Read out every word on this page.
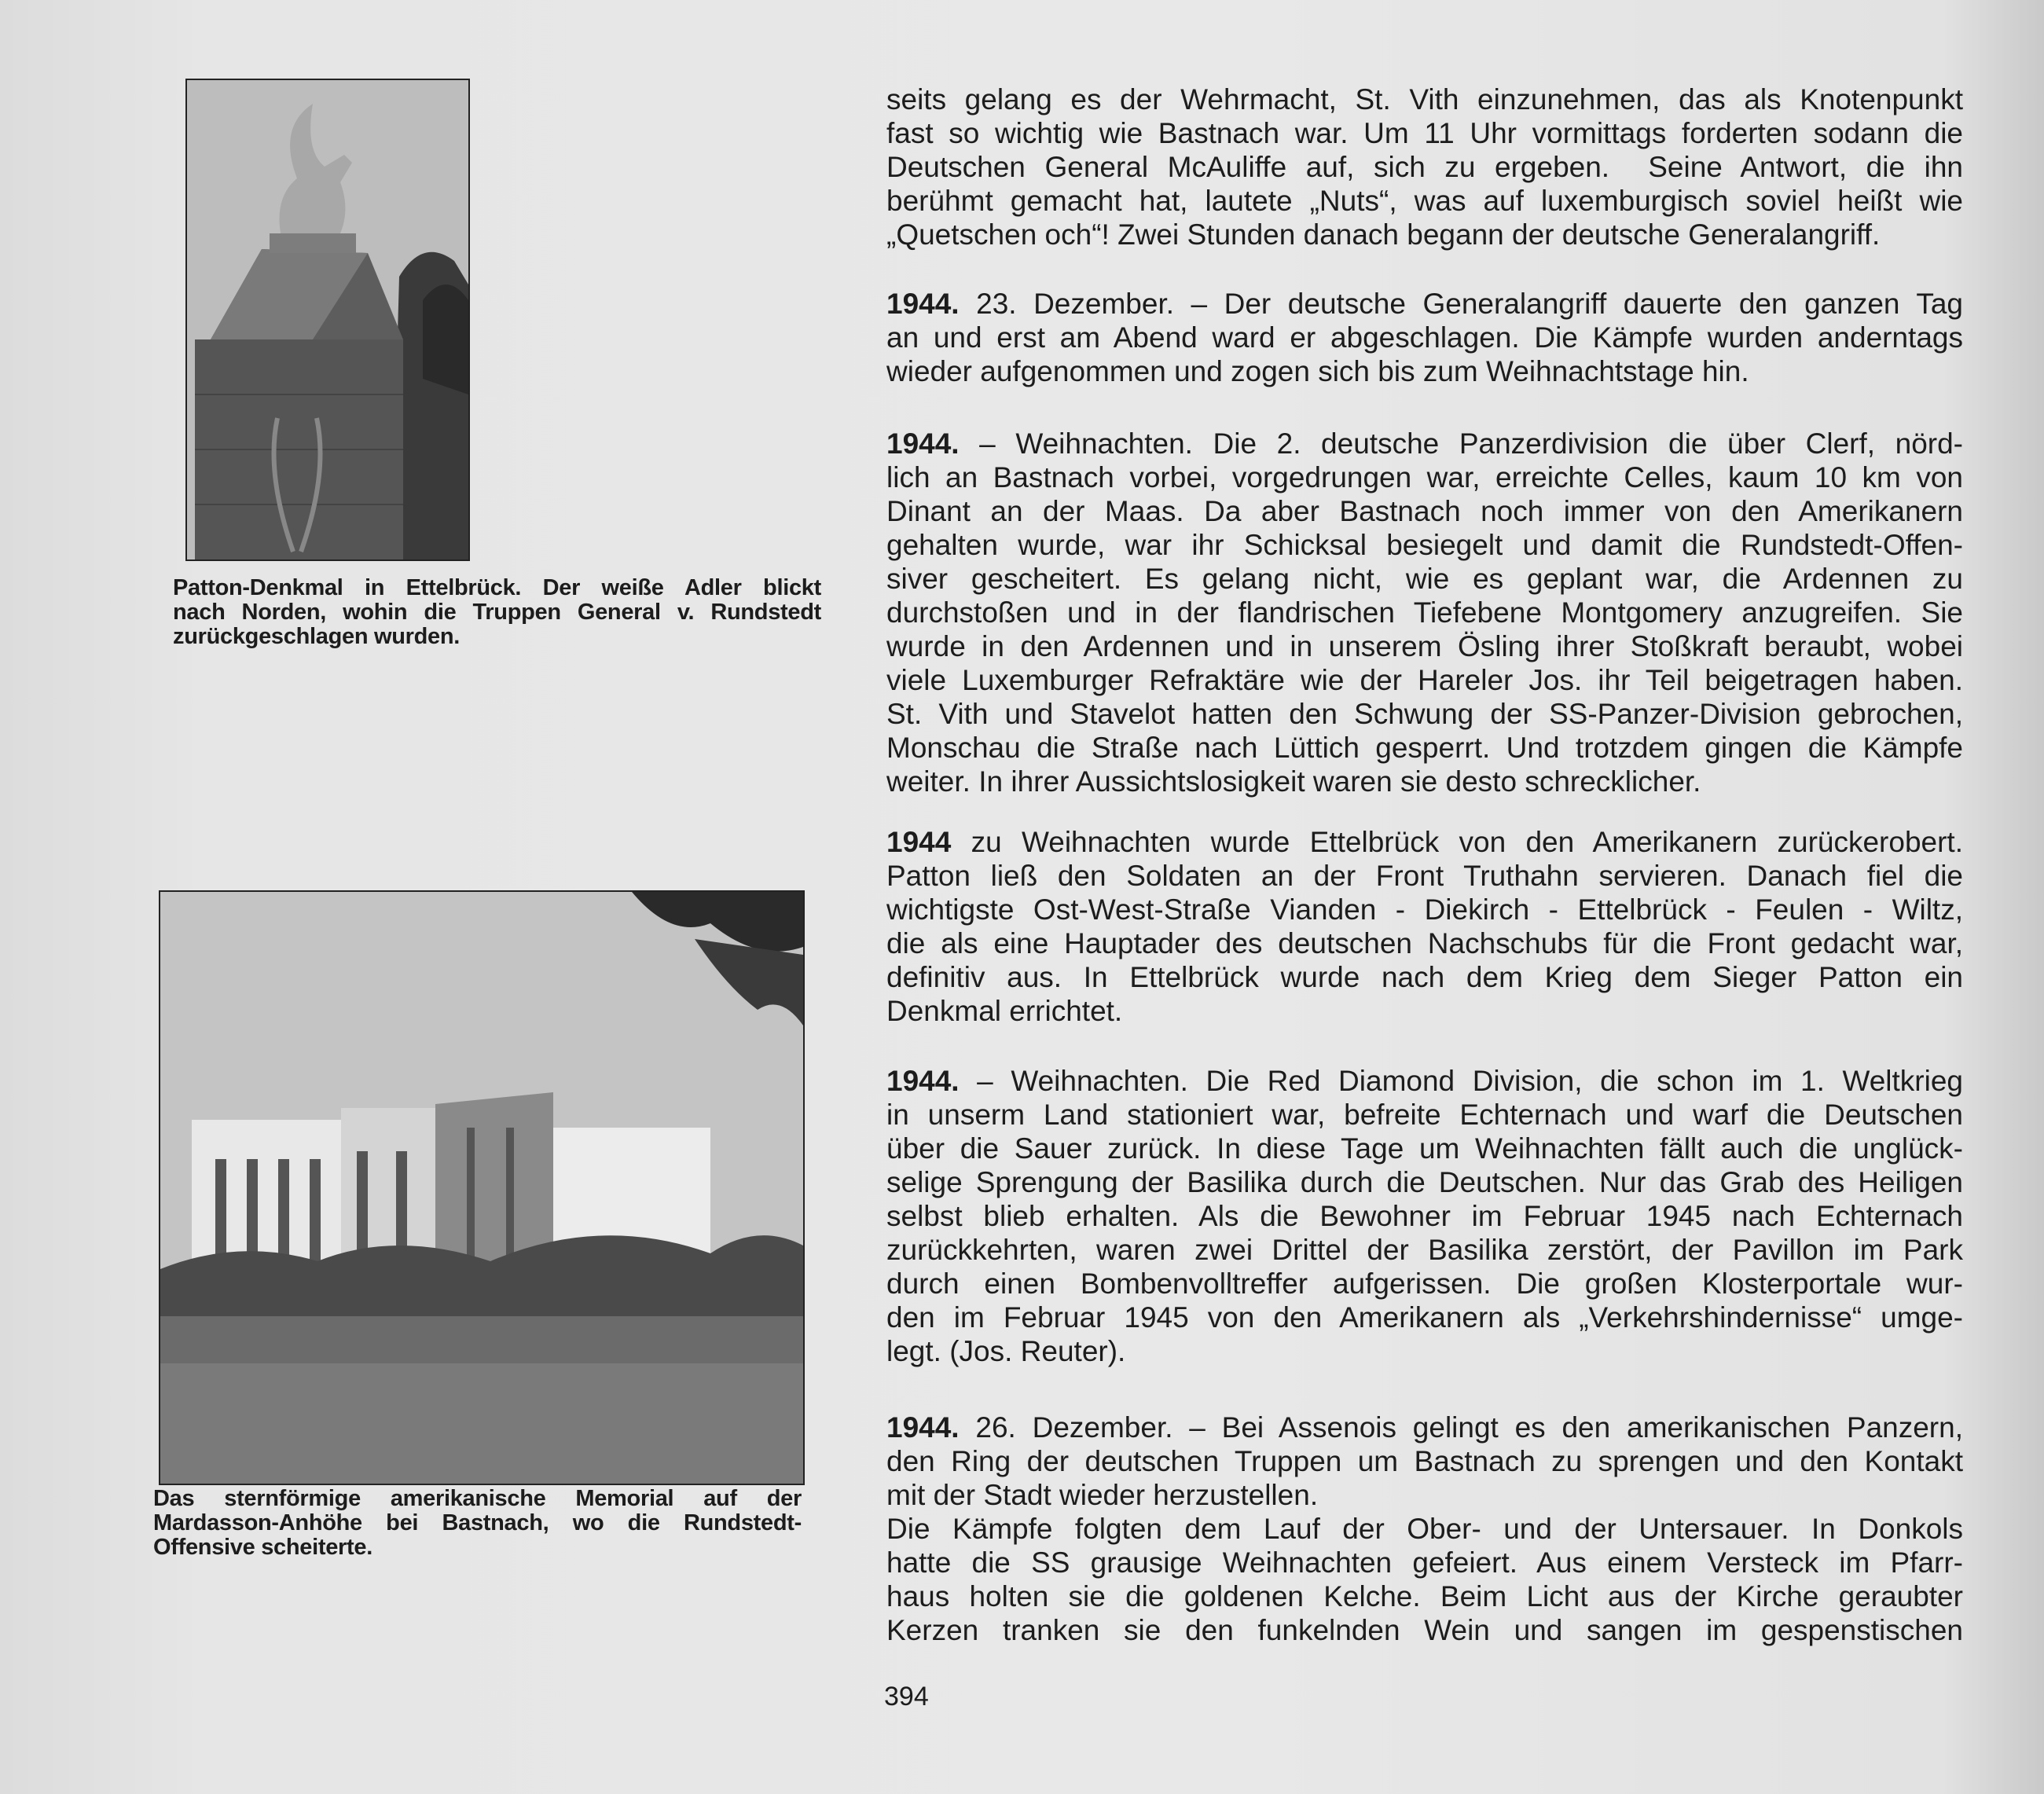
Patton-Denkmal in Ettelbrück. Der weiße Adler blickt
nach Norden, wohin die Truppen General v. Rundstedt
zurückgeschlagen wurden.
Das sternförmige amerikanische Memorial auf der
Mardasson-Anhöhe bei Bastnach, wo die Rundstedt-
Offensive scheiterte.
seits gelang es der Wehrmacht, St. Vith einzunehmen, das als Knotenpunkt
fast so wichtig wie Bastnach war. Um 11 Uhr vormittags forderten sodann die
Deutschen General McAuliffe auf, sich zu ergeben.  Seine Antwort, die ihn
berühmt gemacht hat, lautete „Nuts“, was auf luxemburgisch soviel heißt wie
„Quetschen och“! Zwei Stunden danach begann der deutsche Generalangriff.
1944. 23. Dezember. – Der deutsche Generalangriff dauerte den ganzen Tag
an und erst am Abend ward er abgeschlagen. Die Kämpfe wurden anderntags
wieder aufgenommen und zogen sich bis zum Weihnachtstage hin.
1944. – Weihnachten. Die 2. deutsche Panzerdivision die über Clerf, nörd-
lich an Bastnach vorbei, vorgedrungen war, erreichte Celles, kaum 10 km von
Dinant an der Maas. Da aber Bastnach noch immer von den Amerikanern
gehalten wurde, war ihr Schicksal besiegelt und damit die Rundstedt-Offen-
siver gescheitert. Es gelang nicht, wie es geplant war, die Ardennen zu
durchstoßen und in der flandrischen Tiefebene Montgomery anzugreifen. Sie
wurde in den Ardennen und in unserem Ösling ihrer Stoßkraft beraubt, wobei
viele Luxemburger Refraktäre wie der Hareler Jos. ihr Teil beigetragen haben.
St. Vith und Stavelot hatten den Schwung der SS-Panzer-Division gebrochen,
Monschau die Straße nach Lüttich gesperrt. Und trotzdem gingen die Kämpfe
weiter. In ihrer Aussichtslosigkeit waren sie desto schrecklicher.
1944 zu Weihnachten wurde Ettelbrück von den Amerikanern zurückerobert.
Patton ließ den Soldaten an der Front Truthahn servieren. Danach fiel die
wichtigste Ost-West-Straße Vianden - Diekirch - Ettelbrück - Feulen - Wiltz,
die als eine Hauptader des deutschen Nachschubs für die Front gedacht war,
definitiv aus. In Ettelbrück wurde nach dem Krieg dem Sieger Patton ein
Denkmal errichtet.
1944. – Weihnachten. Die Red Diamond Division, die schon im 1. Weltkrieg
in unserm Land stationiert war, befreite Echternach und warf die Deutschen
über die Sauer zurück. In diese Tage um Weihnachten fällt auch die unglück-
selige Sprengung der Basilika durch die Deutschen. Nur das Grab des Heiligen
selbst blieb erhalten. Als die Bewohner im Februar 1945 nach Echternach
zurückkehrten, waren zwei Drittel der Basilika zerstört, der Pavillon im Park
durch einen Bombenvolltreffer aufgerissen. Die großen Klosterportale wur-
den im Februar 1945 von den Amerikanern als „Verkehrshindernisse“ umge-
legt. (Jos. Reuter).
1944. 26. Dezember. – Bei Assenois gelingt es den amerikanischen Panzern,
den Ring der deutschen Truppen um Bastnach zu sprengen und den Kontakt
mit der Stadt wieder herzustellen.
Die Kämpfe folgten dem Lauf der Ober- und der Untersauer. In Donkols
hatte die SS grausige Weihnachten gefeiert. Aus einem Versteck im Pfarr-
haus holten sie die goldenen Kelche. Beim Licht aus der Kirche geraubter
Kerzen tranken sie den funkelnden Wein und sangen im gespenstischen
394
